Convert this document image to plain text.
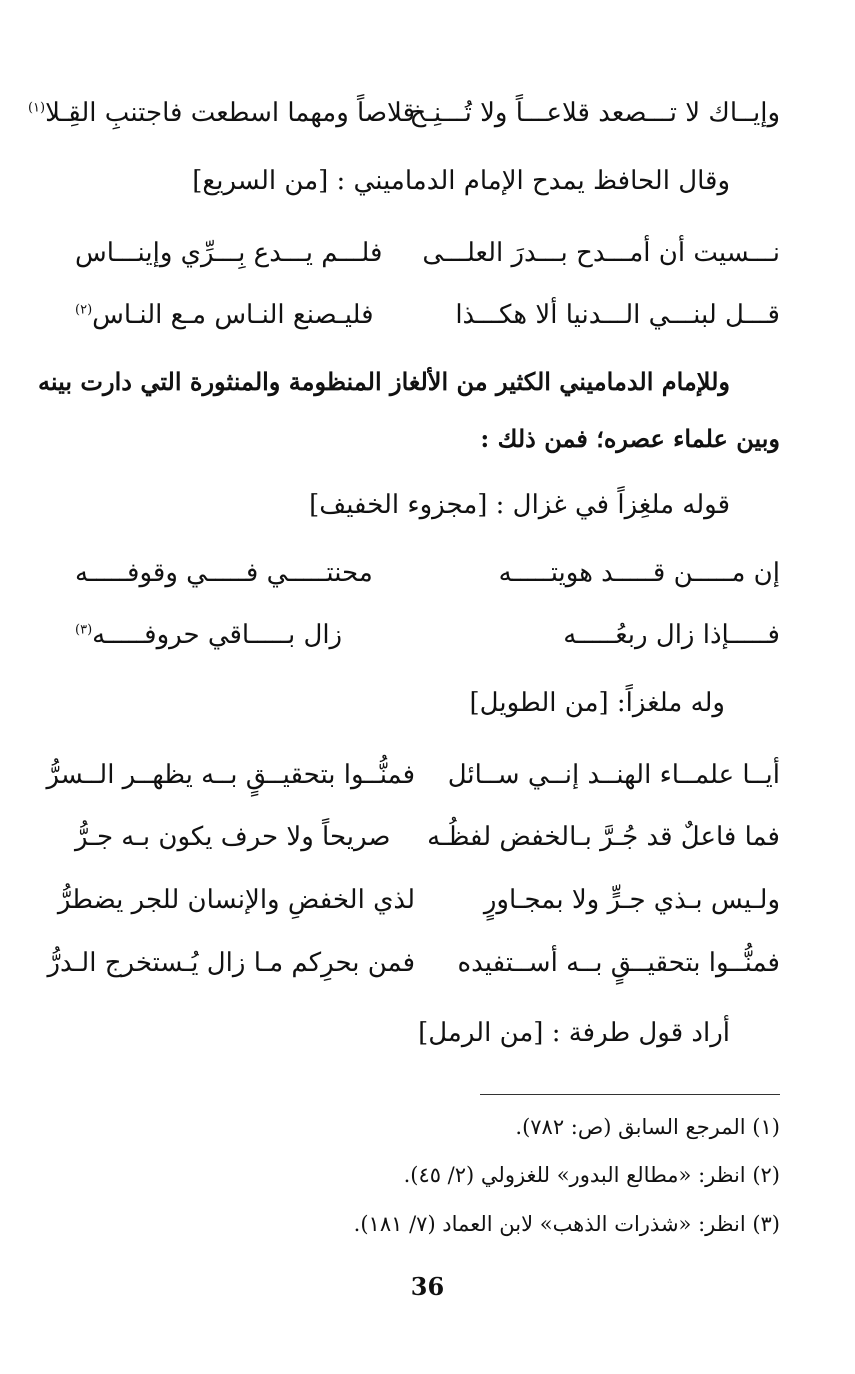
وإيــاك لا تـــصعد قلاعـــاً ولا تُـــنِـخ
قلاصاً ومهما اسطعت فاجتنبِ القِـلا$^{(١)}$
وقال الحافظ يمدح الإمام الدماميني : [من السريع]
نـــسيت أن أمـــدح بـــدرَ العلـــى
فلـــم يـــدع بِـــرِّي وإينـــاس
قـــل لبنـــي الـــدنيا ألا هكـــذا
فليـصنع النـاس مـع النـاس$^{(٢)}$
وللإمام الدماميني الكثير من الألغاز المنظومة والمنثورة التي دارت بينه
وبين علماء عصره؛ فمن ذلك :
قوله ملغِزاً في غزال : [مجزوء الخفيف]
إن مـــــن قـــــد هويتـــــه
محنتـــــي فـــــي وقوفـــــه
فـــــإذا زال ربعُـــــه
زال بـــــاقي حروفـــــه$^{(٣)}$
وله ملغزاً: [من الطويل]
أيــا علمــاء الهنــد إنــي ســائل
فمنُّــوا بتحقيــقٍ بــه يظهــر الــسرُّ
فما فاعلٌ قد جُـرَّ بـالخفض لفظُـه
صريحاً ولا حرف يكون بـه جـرُّ
ولـيس بـذي جـرٍّ ولا بمجـاورٍ
لذي الخفضِ والإنسان للجر يضطرُّ
فمنُّــوا بتحقيــقٍ بــه أســتفيده
فمن بحرِكم مـا زال يُـستخرج الـدرُّ
أراد قول طرفة : [من الرمل]
(١) المرجع السابق (ص: ٧٨٢).
(٢) انظر: «مطالع البدور» للغزولي (٢/ ٤٥).
(٣) انظر: «شذرات الذهب» لابن العماد (٧/ ١٨١).
36
